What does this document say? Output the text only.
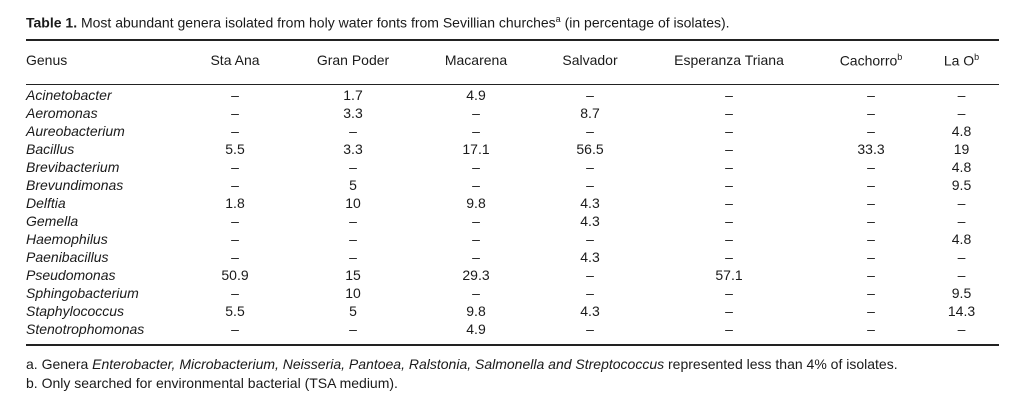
Table 1. Most abundant genera isolated from holy water fonts from Sevillian churches$^a$ (in percentage of isolates).
Genus	Sta Ana	Gran Poder	Macarena	Salvador	Esperanza Triana	Cachorro$^b$	La $O^b$
Acinetobacter	–	1.7	4.9	–	–	–	–
Aeromonas	–	3.3	–	8.7	–	–	–
Aureobacterium	–	–	–	–	–	–	4.8
Bacillus	5.5	3.3	17.1	56.5	–	33.3	19
Brevibacterium	–	–	–	–	–	–	4.8
Brevundimonas	–	5	–	–	–	–	9.5
Delftia	1.8	10	9.8	4.3	–	–	–
Gemella	–	–	–	4.3	–	–	–
Haemophilus	–	–	–	–	–	–	4.8
Paenibacillus	–	–	–	4.3	–	–	–
Pseudomonas	50.9	15	29.3	–	57.1	–	–
Sphingobacterium	–	10	–	–	–	–	9.5
Staphylococcus	5.5	5	9.8	4.3	–	–	14.3
Stenotrophomonas	–	–	4.9	–	–	–	–
a. Genera Enterobacter, Microbacterium, Neisseria, Pantoea, Ralstonia, Salmonella and Streptococcus represented less than 4% of isolates.
b. Only searched for environmental bacterial (TSA medium).
